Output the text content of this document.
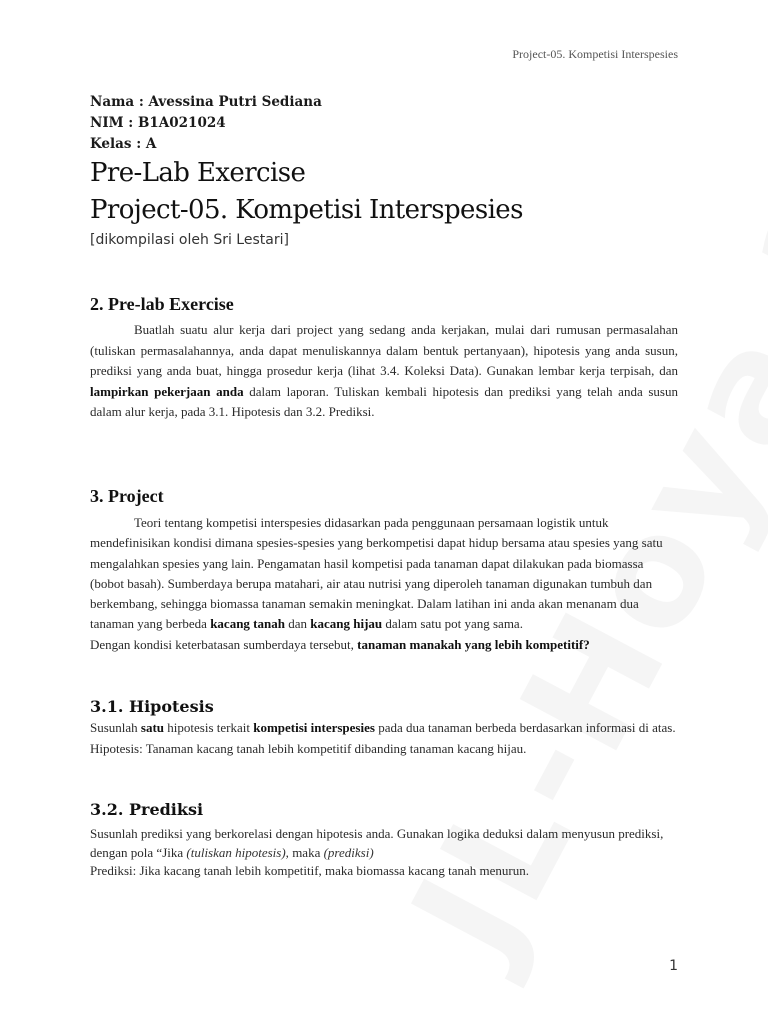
Project-05. Kompetisi Interspesies
Nama : Avessina Putri Sediana
NIM : B1A021024
Kelas : A
Pre-Lab Exercise
Project-05. Kompetisi Interspesies
[dikompilasi oleh Sri Lestari]
2. Pre-lab Exercise
Buatlah suatu alur kerja dari project yang sedang anda kerjakan, mulai dari rumusan permasalahan (tuliskan permasalahannya, anda dapat menuliskannya dalam bentuk pertanyaan), hipotesis yang anda susun, prediksi yang anda buat, hingga prosedur kerja (lihat 3.4. Koleksi Data). Gunakan lembar kerja terpisah, dan lampirkan pekerjaan anda dalam laporan. Tuliskan kembali hipotesis dan prediksi yang telah anda susun dalam alur kerja, pada 3.1. Hipotesis dan 3.2. Prediksi.
3. Project

Teori tentang kompetisi interspesies didasarkan pada penggunaan persamaan logistik untuk mendefinisikan kondisi dimana spesies-spesies yang berkompetisi dapat hidup bersama atau spesies yang satu mengalahkan spesies yang lain. Pengamatan hasil kompetisi pada tanaman dapat dilakukan pada biomassa (bobot basah). Sumberdaya berupa matahari, air atau nutrisi yang diperoleh tanaman digunakan tumbuh dan berkembang, sehingga biomassa tanaman semakin meningkat. Dalam latihan ini anda akan menanam dua tanaman yang berbeda kacang tanah dan kacang hijau dalam satu pot yang sama.

Dengan kondisi keterbatasan sumberdaya tersebut, tanaman manakah yang lebih kompetitif?

3.1. Hipotesis

Susunlah satu hipotesis terkait kompetisi interspesies pada dua tanaman berbeda berdasarkan informasi di atas.

Hipotesis: Tanaman kacang tanah lebih kompetitif dibanding tanaman kacang hijau.

3.2. Prediksi

Susunlah prediksi yang berkorelasi dengan hipotesis anda. Gunakan logika deduksi dalam menyusun prediksi, dengan pola “Jika (tuliskan hipotesis), maka (prediksi)

Prediksi: Jika kacang tanah lebih kompetitif, maka biomassa kacang tanah menurun.

1
